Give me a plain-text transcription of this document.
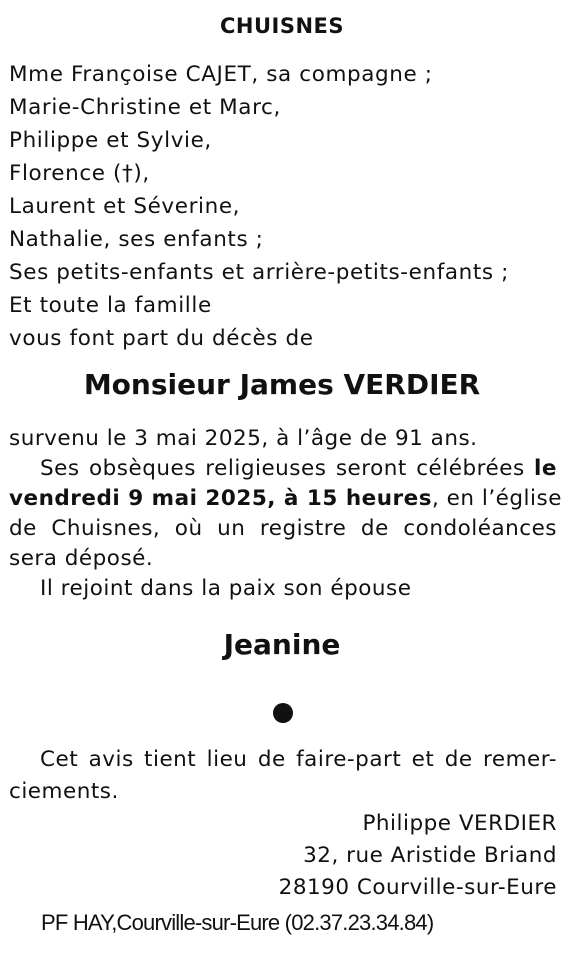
CHUISNES
Mme Françoise CAJET, sa compagne ;
Marie-Christine et Marc,
Philippe et Sylvie,
Florence (†),
Laurent et Séverine,
Nathalie, ses enfants ;
Ses petits-enfants et arrière-petits-enfants ;
Et toute la famille
vous font part du décès de
Monsieur James VERDIER
survenu le 3 mai 2025, à l’âge de 91 ans.
Ses obsèques religieuses seront célébrées le
vendredi 9 mai 2025, à 15 heures, en l’église
de Chuisnes, où un registre de condoléances
sera déposé.
Il rejoint dans la paix son épouse
Jeanine
Cet avis tient lieu de faire-part et de remer-
ciements.
Philippe VERDIER
32, rue Aristide Briand
28190 Courville-sur-Eure
PF HAY,Courville-sur-Eure (02.37.23.34.84)
